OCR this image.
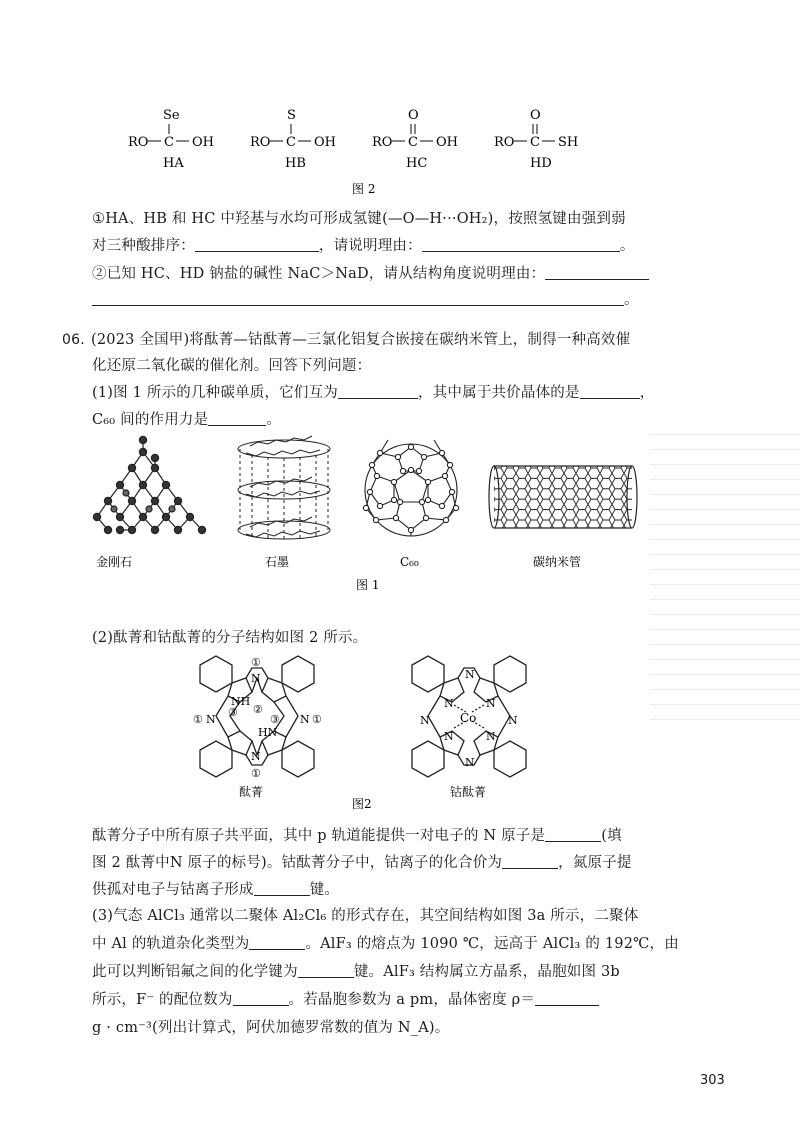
Se
RO C OH
HA
S
RO C OH
HB
O
RO C OH
HC
O
RO C SH
HD
图 2
①HA、HB 和 HC 中羟基与水均可形成氢键(—O—H···OH₂)，按照氢键由强到弱
对三种酸排序：	，请说明理由：	。
②已知 HC、HD 钠盐的碱性 NaC＞NaD，请从结构角度说明理由：
。
06. (2023 全国甲)将酞菁—钴酞菁—三氯化铝复合嵌接在碳纳米管上，制得一种高效催
化还原二氧化碳的催化剂。回答下列问题：
(1)图 1 所示的几种碳单质，它们互为	，其中属于共价晶体的是	，
C₆₀ 间的作用力是	。
金刚石	石墨	C₆₀	碳纳米管
图 1
(2)酞菁和钴酞菁的分子结构如图 2 所示。
①
N
NH
① N
③ ②
③ N ①
HN
N
①
N
N	N
N	Co	N
N	N
N
酞菁
图2
钴酞菁
酞菁分子中所有原子共平面，其中 p 轨道能提供一对电子的 N 原子是	(填
图 2 酞菁中N 原子的标号)。钴酞菁分子中，钴离子的化合价为	，氮原子提
供孤对电子与钴离子形成	键。
(3)气态 AlCl₃ 通常以二聚体 Al₂Cl₆ 的形式存在，其空间结构如图 3a 所示，二聚体
中 Al 的轨道杂化类型为	。AlF₃ 的熔点为 1090 ℃，远高于 AlCl₃ 的 192℃，由
此可以判断铝氟之间的化学键为	键。AlF₃ 结构属立方晶系，晶胞如图 3b
所示，F⁻ 的配位数为	。若晶胞参数为 a pm，晶体密度 ρ＝
g · cm⁻³(列出计算式，阿伏加德罗常数的值为 N_A)。
303
